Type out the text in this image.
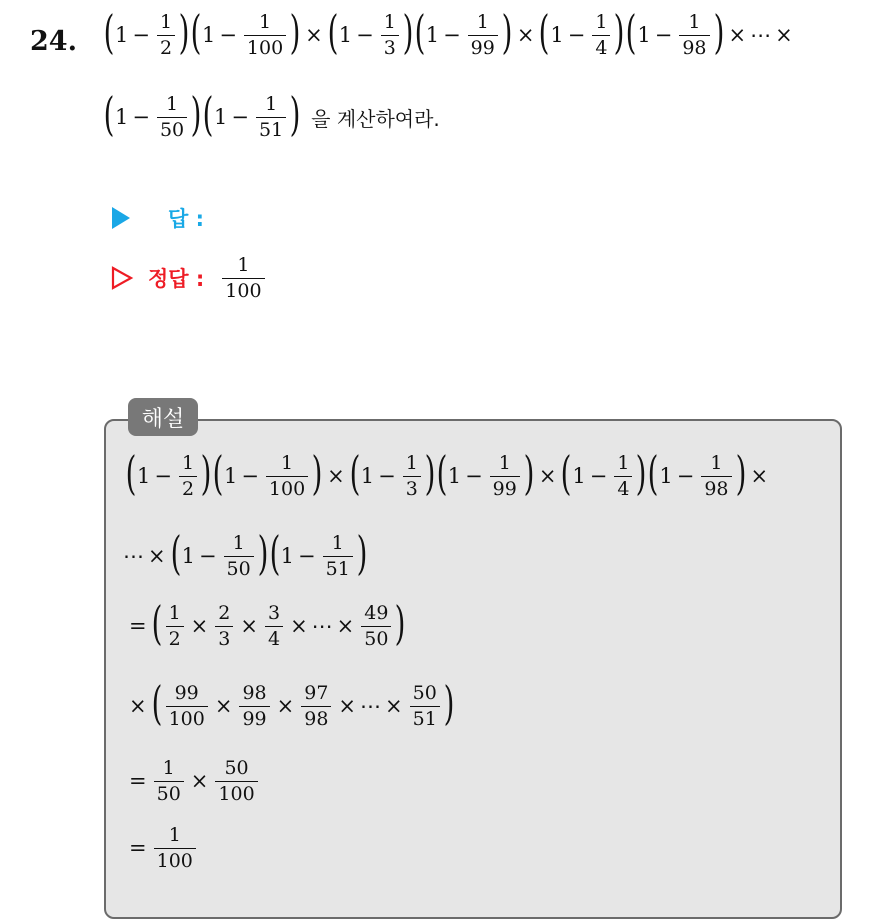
24. ( $1 - \frac{1}{2}$ ) ( $1 - \frac{1}{100}$ ) × ( $1 - \frac{1}{3}$ ) ( $1 - \frac{1}{99}$ ) × ( $1 - \frac{1}{4}$ ) ( $1 - \frac{1}{98}$ ) × ⋯ ×
( $1 - \frac{1}{50}$ ) ( $1 - \frac{1}{51}$ ) 을 계산하여라.
답 :
정답 : $\frac{1}{100}$
해설
( $1 - \frac{1}{2}$ ) ( $1 - \frac{1}{100}$ ) × ( $1 - \frac{1}{3}$ ) ( $1 - \frac{1}{99}$ ) × ( $1 - \frac{1}{4}$ ) ( $1 - \frac{1}{98}$ ) ×
⋯ × ( $1 - \frac{1}{50}$ ) ( $1 - \frac{1}{51}$ )
= ( $\frac{1}{2} \times \frac{2}{3} \times \frac{3}{4}$ × ⋯ × $\frac{49}{50}$ )
× ( $\frac{99}{100} \times \frac{98}{99} \times \frac{97}{98}$ × ⋯ × $\frac{50}{51}$ )
= $\frac{1}{50} \times \frac{50}{100}$
= $\frac{1}{100}$
